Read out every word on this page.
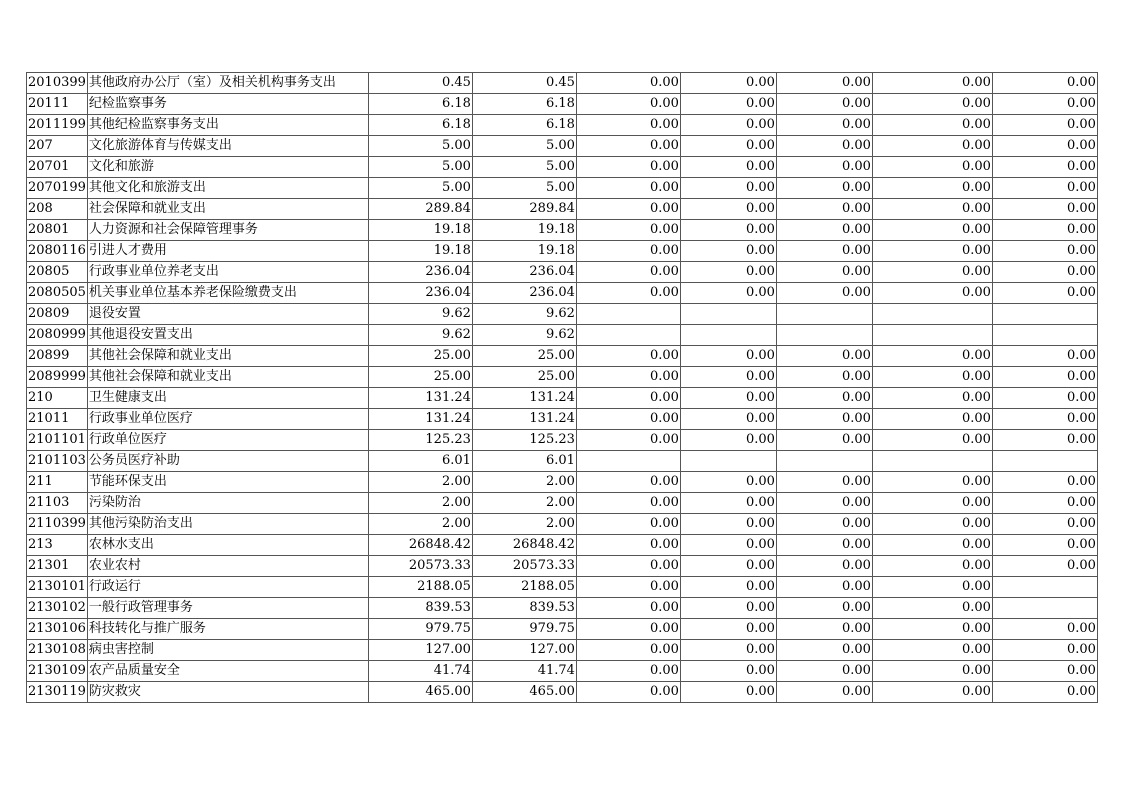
2010399	其他政府办公厅（室）及相关机构事务支出	0.45	0.45	0.00	0.00	0.00	0.00	0.00
20111	纪检监察事务	6.18	6.18	0.00	0.00	0.00	0.00	0.00
2011199	其他纪检监察事务支出	6.18	6.18	0.00	0.00	0.00	0.00	0.00
207	文化旅游体育与传媒支出	5.00	5.00	0.00	0.00	0.00	0.00	0.00
20701	文化和旅游	5.00	5.00	0.00	0.00	0.00	0.00	0.00
2070199	其他文化和旅游支出	5.00	5.00	0.00	0.00	0.00	0.00	0.00
208	社会保障和就业支出	289.84	289.84	0.00	0.00	0.00	0.00	0.00
20801	人力资源和社会保障管理事务	19.18	19.18	0.00	0.00	0.00	0.00	0.00
2080116	引进人才费用	19.18	19.18	0.00	0.00	0.00	0.00	0.00
20805	行政事业单位养老支出	236.04	236.04	0.00	0.00	0.00	0.00	0.00
2080505	机关事业单位基本养老保险缴费支出	236.04	236.04	0.00	0.00	0.00	0.00	0.00
20809	退役安置	9.62	9.62					
2080999	其他退役安置支出	9.62	9.62					
20899	其他社会保障和就业支出	25.00	25.00	0.00	0.00	0.00	0.00	0.00
2089999	其他社会保障和就业支出	25.00	25.00	0.00	0.00	0.00	0.00	0.00
210	卫生健康支出	131.24	131.24	0.00	0.00	0.00	0.00	0.00
21011	行政事业单位医疗	131.24	131.24	0.00	0.00	0.00	0.00	0.00
2101101	行政单位医疗	125.23	125.23	0.00	0.00	0.00	0.00	0.00
2101103	公务员医疗补助	6.01	6.01					
211	节能环保支出	2.00	2.00	0.00	0.00	0.00	0.00	0.00
21103	污染防治	2.00	2.00	0.00	0.00	0.00	0.00	0.00
2110399	其他污染防治支出	2.00	2.00	0.00	0.00	0.00	0.00	0.00
213	农林水支出	26848.42	26848.42	0.00	0.00	0.00	0.00	0.00
21301	农业农村	20573.33	20573.33	0.00	0.00	0.00	0.00	0.00
2130101	行政运行	2188.05	2188.05	0.00	0.00	0.00	0.00	
2130102	一般行政管理事务	839.53	839.53	0.00	0.00	0.00	0.00	
2130106	科技转化与推广服务	979.75	979.75	0.00	0.00	0.00	0.00	0.00
2130108	病虫害控制	127.00	127.00	0.00	0.00	0.00	0.00	0.00
2130109	农产品质量安全	41.74	41.74	0.00	0.00	0.00	0.00	0.00
2130119	防灾救灾	465.00	465.00	0.00	0.00	0.00	0.00	0.00
